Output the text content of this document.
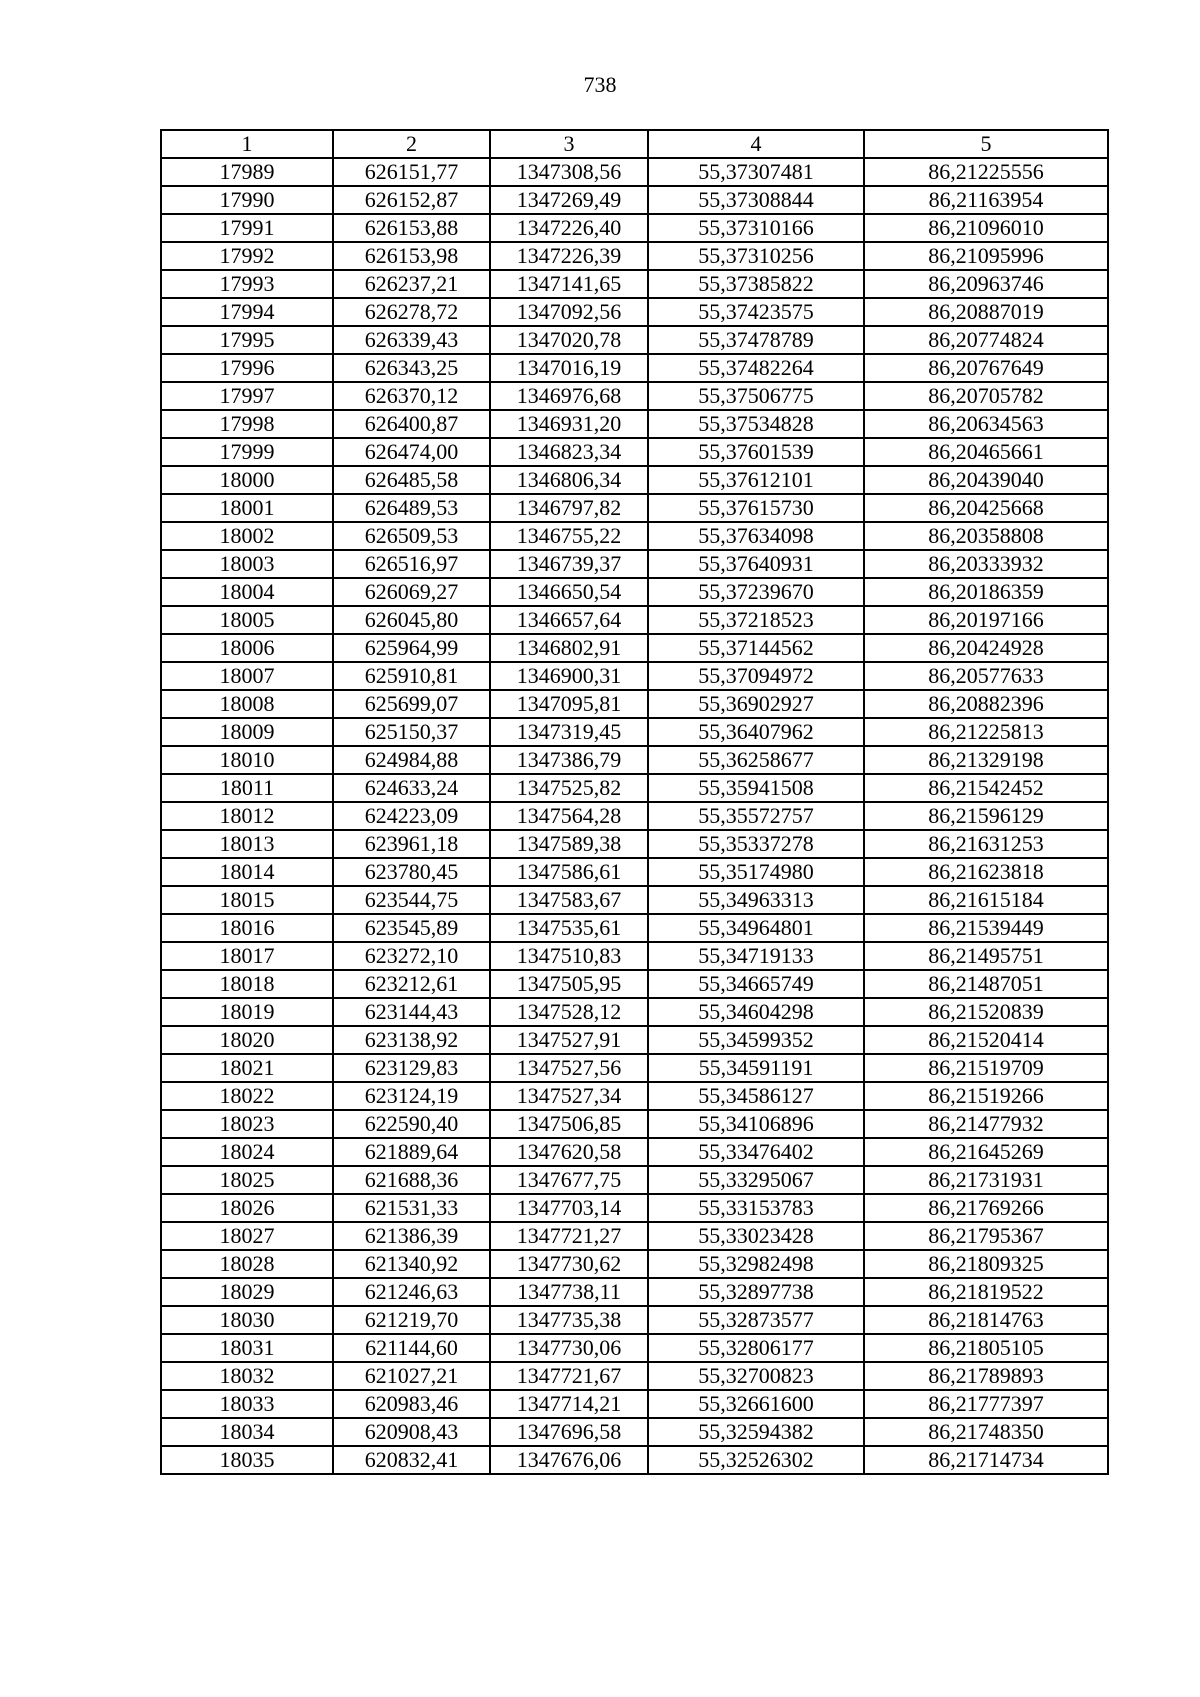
738
1	2	3	4	5
17989	626151,77	1347308,56	55,37307481	86,21225556
17990	626152,87	1347269,49	55,37308844	86,21163954
17991	626153,88	1347226,40	55,37310166	86,21096010
17992	626153,98	1347226,39	55,37310256	86,21095996
17993	626237,21	1347141,65	55,37385822	86,20963746
17994	626278,72	1347092,56	55,37423575	86,20887019
17995	626339,43	1347020,78	55,37478789	86,20774824
17996	626343,25	1347016,19	55,37482264	86,20767649
17997	626370,12	1346976,68	55,37506775	86,20705782
17998	626400,87	1346931,20	55,37534828	86,20634563
17999	626474,00	1346823,34	55,37601539	86,20465661
18000	626485,58	1346806,34	55,37612101	86,20439040
18001	626489,53	1346797,82	55,37615730	86,20425668
18002	626509,53	1346755,22	55,37634098	86,20358808
18003	626516,97	1346739,37	55,37640931	86,20333932
18004	626069,27	1346650,54	55,37239670	86,20186359
18005	626045,80	1346657,64	55,37218523	86,20197166
18006	625964,99	1346802,91	55,37144562	86,20424928
18007	625910,81	1346900,31	55,37094972	86,20577633
18008	625699,07	1347095,81	55,36902927	86,20882396
18009	625150,37	1347319,45	55,36407962	86,21225813
18010	624984,88	1347386,79	55,36258677	86,21329198
18011	624633,24	1347525,82	55,35941508	86,21542452
18012	624223,09	1347564,28	55,35572757	86,21596129
18013	623961,18	1347589,38	55,35337278	86,21631253
18014	623780,45	1347586,61	55,35174980	86,21623818
18015	623544,75	1347583,67	55,34963313	86,21615184
18016	623545,89	1347535,61	55,34964801	86,21539449
18017	623272,10	1347510,83	55,34719133	86,21495751
18018	623212,61	1347505,95	55,34665749	86,21487051
18019	623144,43	1347528,12	55,34604298	86,21520839
18020	623138,92	1347527,91	55,34599352	86,21520414
18021	623129,83	1347527,56	55,34591191	86,21519709
18022	623124,19	1347527,34	55,34586127	86,21519266
18023	622590,40	1347506,85	55,34106896	86,21477932
18024	621889,64	1347620,58	55,33476402	86,21645269
18025	621688,36	1347677,75	55,33295067	86,21731931
18026	621531,33	1347703,14	55,33153783	86,21769266
18027	621386,39	1347721,27	55,33023428	86,21795367
18028	621340,92	1347730,62	55,32982498	86,21809325
18029	621246,63	1347738,11	55,32897738	86,21819522
18030	621219,70	1347735,38	55,32873577	86,21814763
18031	621144,60	1347730,06	55,32806177	86,21805105
18032	621027,21	1347721,67	55,32700823	86,21789893
18033	620983,46	1347714,21	55,32661600	86,21777397
18034	620908,43	1347696,58	55,32594382	86,21748350
18035	620832,41	1347676,06	55,32526302	86,21714734
